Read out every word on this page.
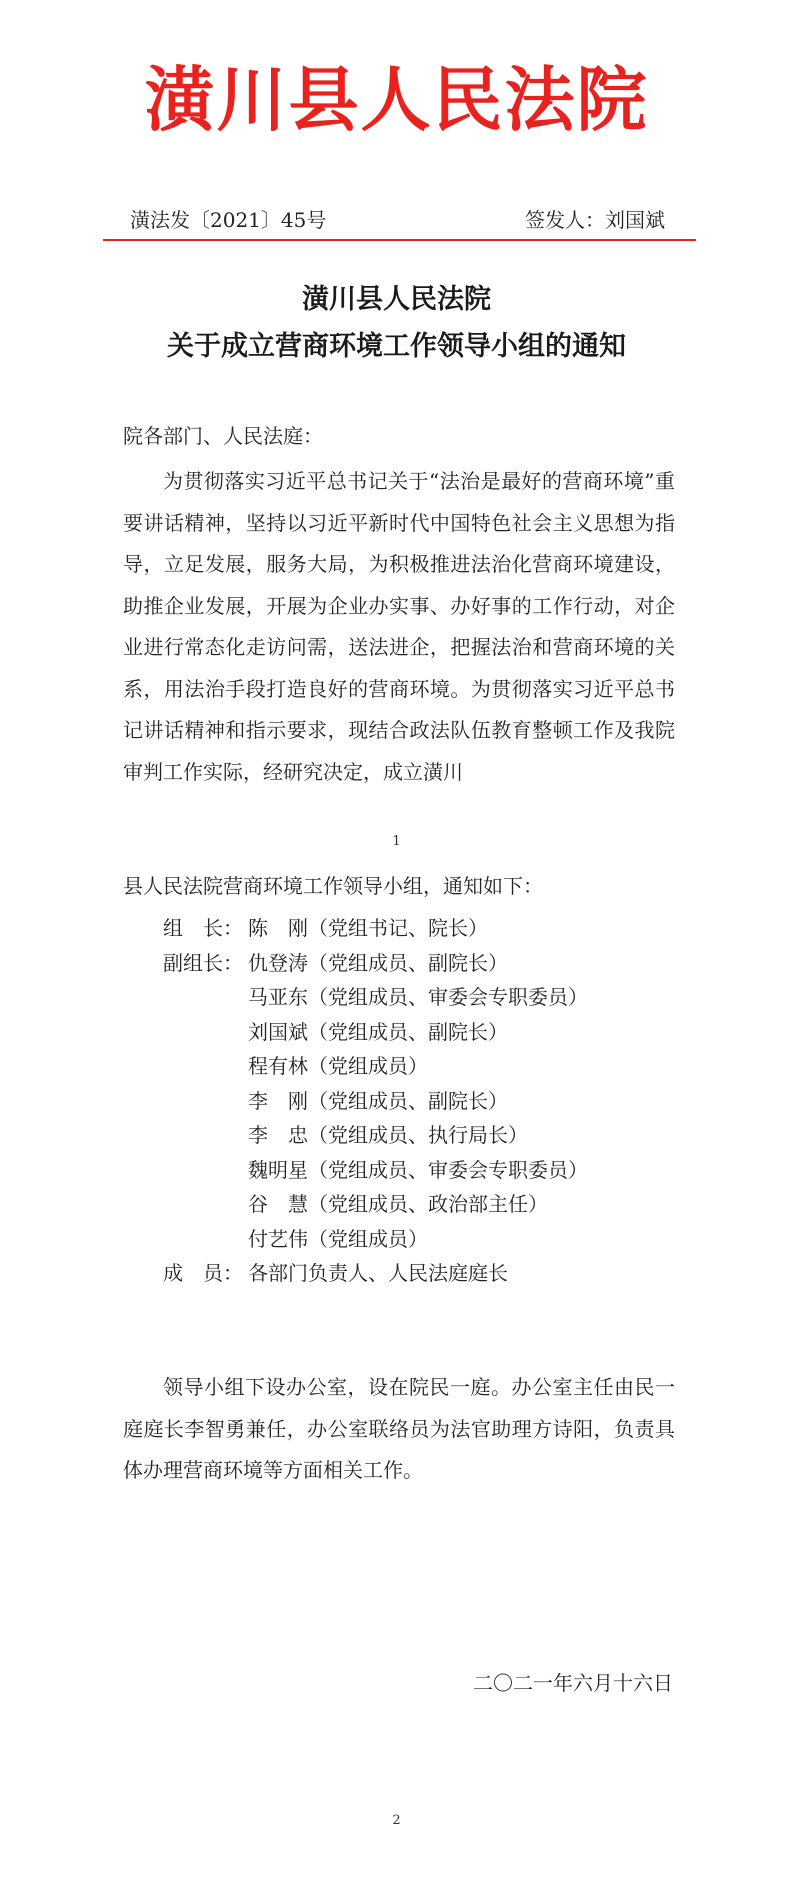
潢川县人民法院
潢法发〔2021〕45号	签发人：刘国斌
潢川县人民法院
关于成立营商环境工作领导小组的通知
院各部门、人民法庭：
为贯彻落实习近平总书记关于“法治是最好的营商环境”重要讲话精神，坚持以习近平新时代中国特色社会主义思想为指导，立足发展，服务大局，为积极推进法治化营商环境建设，助推企业发展，开展为企业办实事、办好事的工作行动，对企业进行常态化走访问需，送法进企，把握法治和营商环境的关系，用法治手段打造良好的营商环境。为贯彻落实习近平总书记讲话精神和指示要求，现结合政法队伍教育整顿工作及我院审判工作实际，经研究决定，成立潢川
1
县人民法院营商环境工作领导小组，通知如下：
组　长： 陈　刚（党组书记、院长）
副组长： 仇登涛（党组成员、副院长）
马亚东（党组成员、审委会专职委员）
刘国斌（党组成员、副院长）
程有林（党组成员）
李　刚（党组成员、副院长）
李　忠（党组成员、执行局长）
魏明星（党组成员、审委会专职委员）
谷　慧（党组成员、政治部主任）
付艺伟（党组成员）
成　员： 各部门负责人、人民法庭庭长
领导小组下设办公室，设在院民一庭。办公室主任由民一庭庭长李智勇兼任，办公室联络员为法官助理方诗阳，负责具体办理营商环境等方面相关工作。
二〇二一年六月十六日
2
